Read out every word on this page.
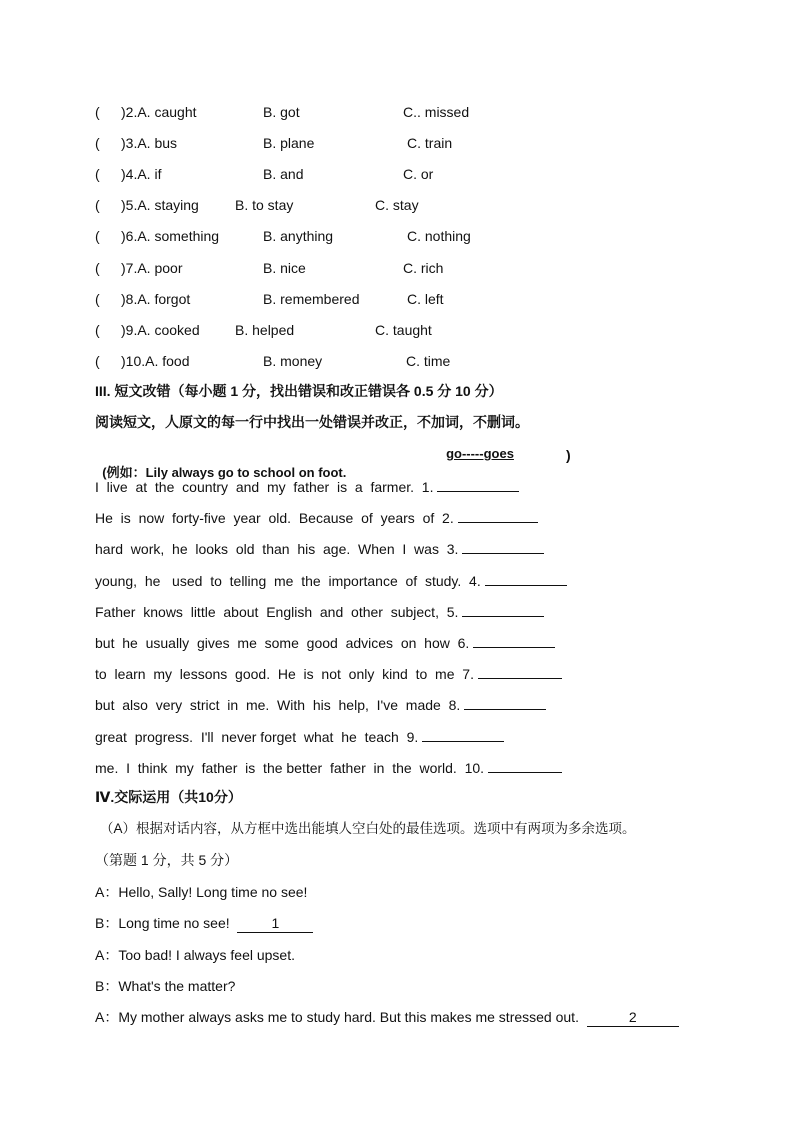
( )2.A. caught	B. got	C.. missed
( )3.A. bus	B. plane	C. train
( )4.A. if	B. and	C. or
( )5.A. staying	B. to stay	C. stay
( )6.A. something	B. anything	C. nothing
( )7.A. poor	B. nice	C. rich
( )8.A. forgot	B. remembered	C. left
( )9.A. cooked	B. helped	C. taught
( )10.A. food	B. money	C. time
III. 短文改错（每小题 1 分，找出错误和改正错误各 0.5 分 10 分）
阅读短文，人原文的每一行中找出一处错误并改正，不加词，不删词。

(例如：Lily always go to school on foot.

go-----goes	)
I  live  at  the  country  and  my  father  is  a  farmer.  1.
He  is  now  forty-five  year  old.  Because  of  years  of  2.
hard  work,  he  looks  old  than  his  age.  When  I  was  3.
young,  he   used  to  telling  me  the  importance  of  study.  4.
Father  knows  little  about  English  and  other  subject,  5.
but  he  usually  gives  me  some  good  advices  on  how  6.
to  learn  my  lessons  good.  He  is  not  only  kind  to  me  7.
but  also  very  strict  in  me.  With  his  help,  I've  made  8.
great  progress.  I'll  never forget  what  he  teach  9.
me.  I  think  my  father  is  the better  father  in  the  world.  10.
Ⅳ.交际运用（共10分）
（A）根据对话内容，从方框中选出能填人空白处的最佳选项。选项中有两项为多余选项。
（第题 1 分，共 5 分）
A：Hello, Sally! Long time no see!
B：Long time no see!	1
A：Too bad! I always feel upset.
B：What's the matter?
A：My mother always asks me to study hard. But this makes me stressed out.	2
